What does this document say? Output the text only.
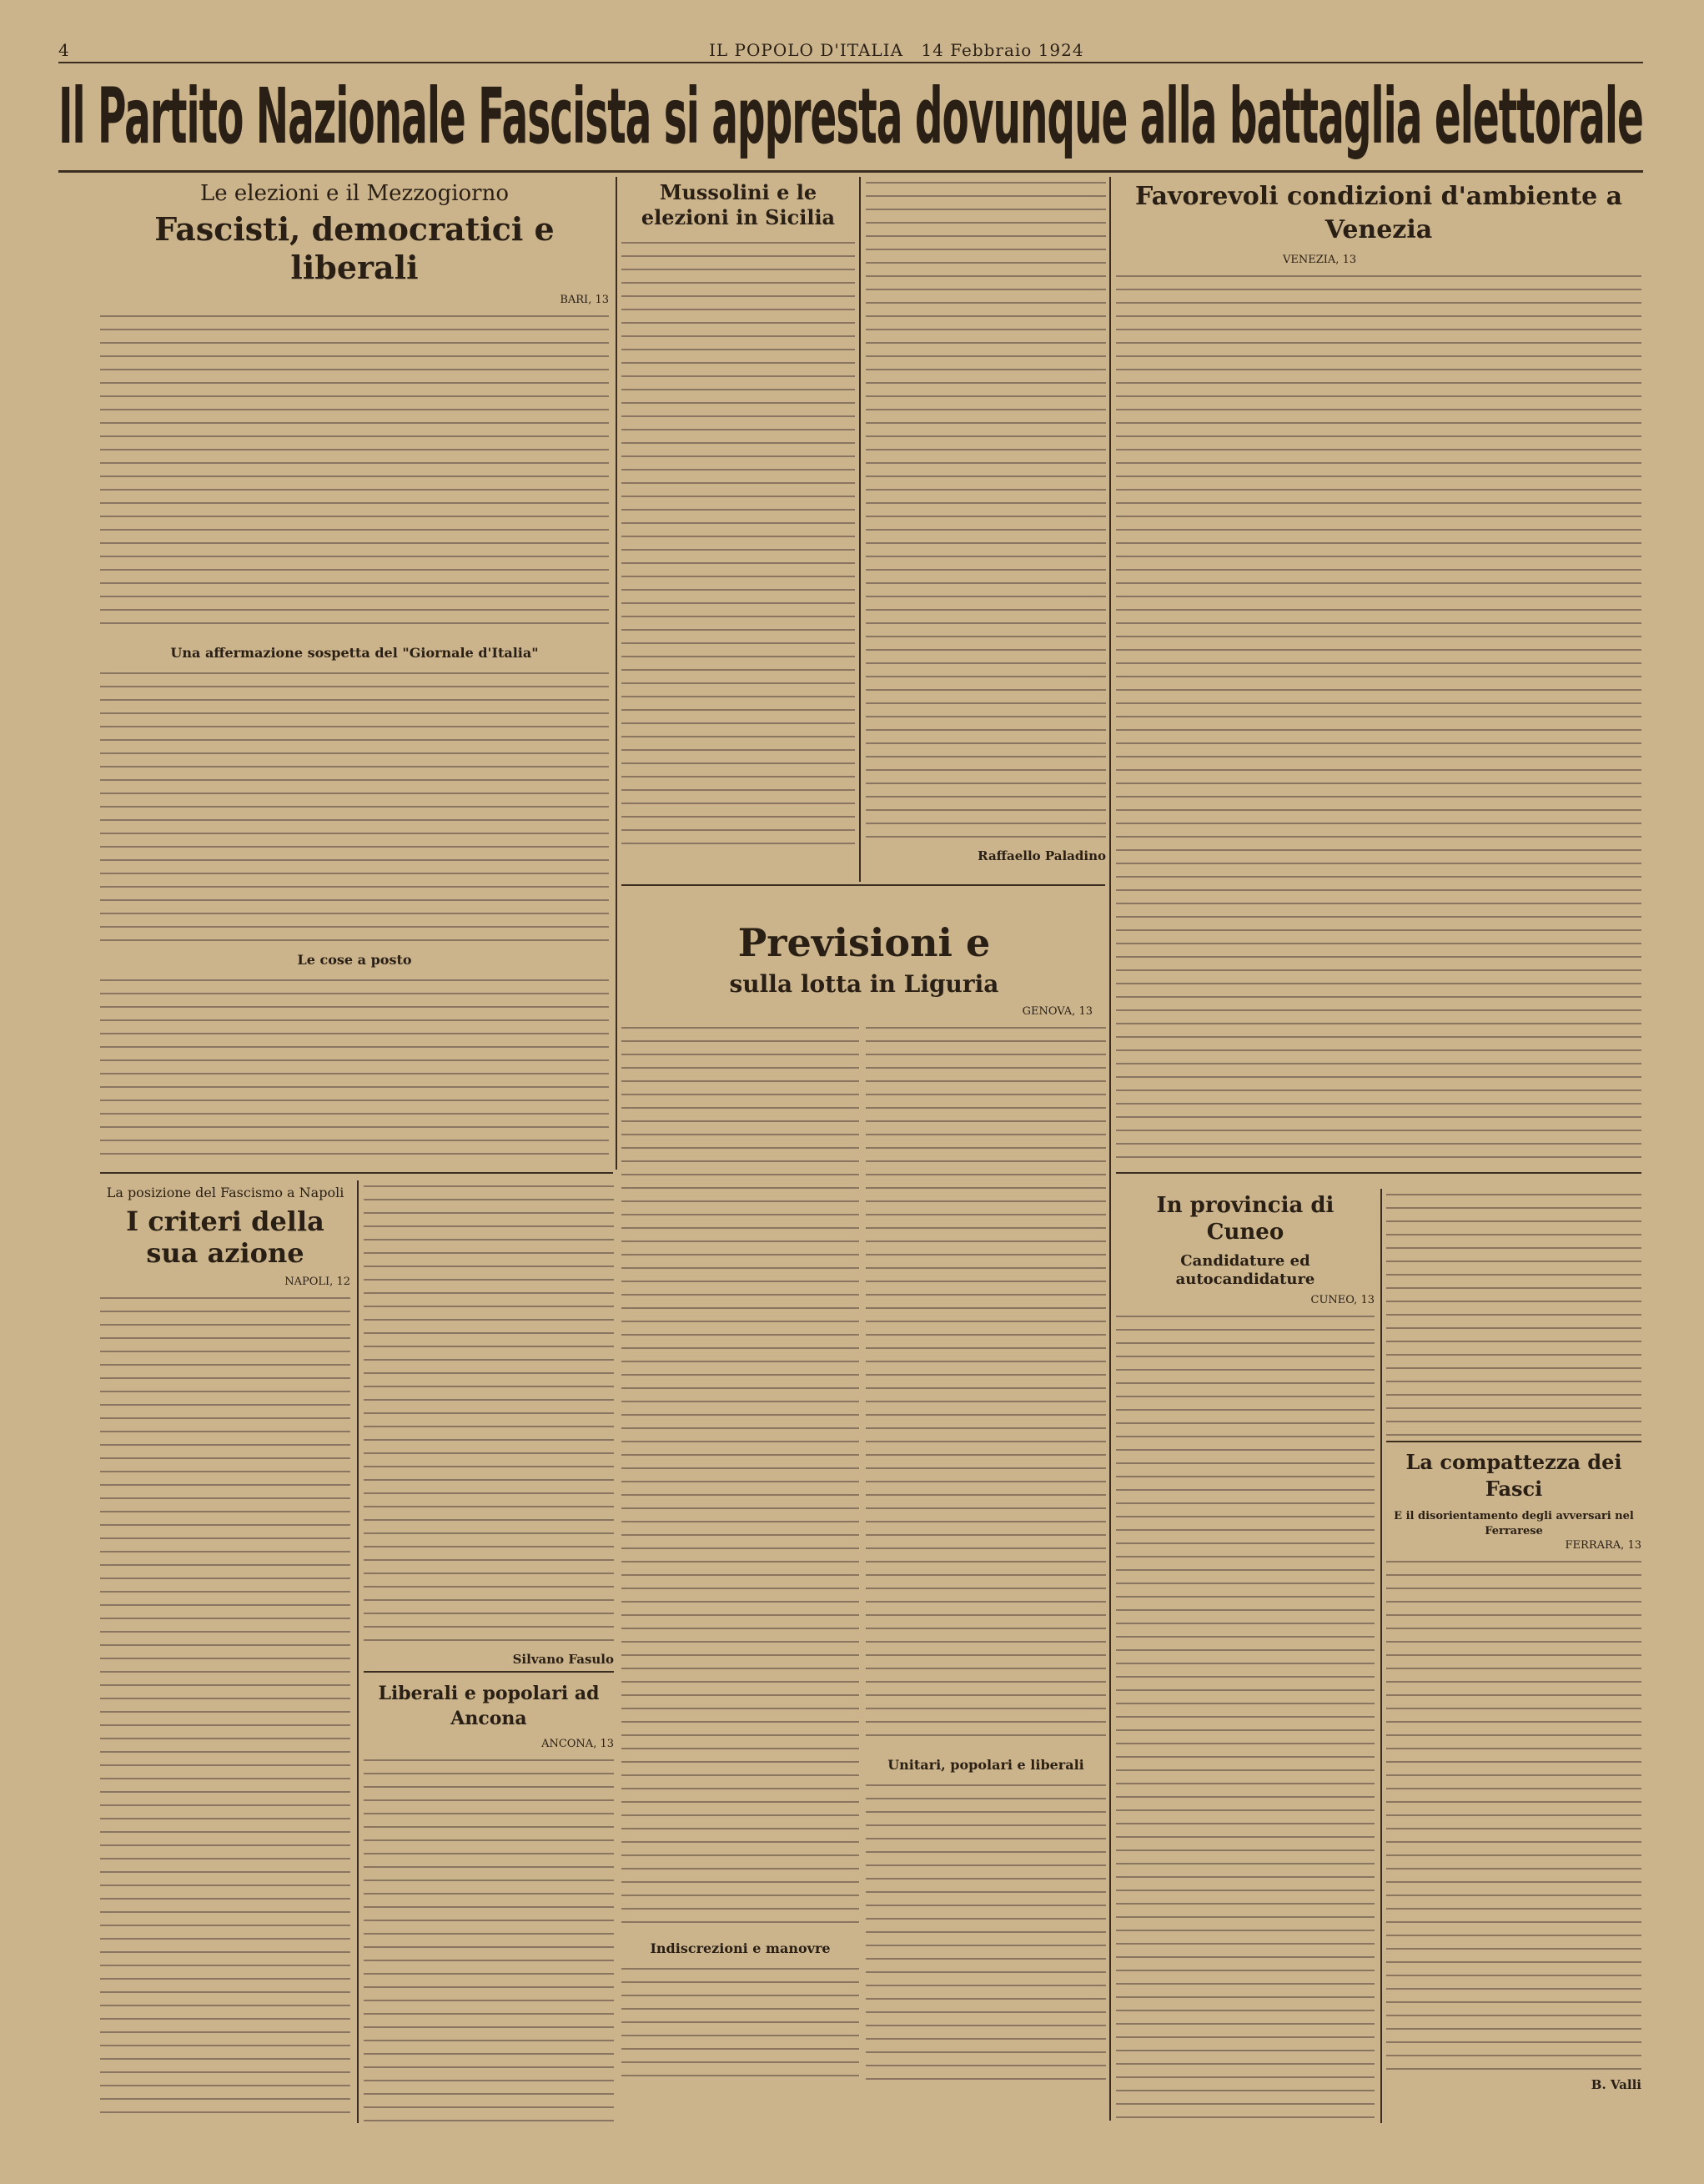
4	IL POPOLO D'ITALIA 14 Febbraio 1924
Il Partito Nazionale Fascista si appresta dovunque alla battaglia elettorale
Le elezioni e il Mezzogiorno
Fascisti, democratici e liberali
BARI, 13
Una affermazione sospetta del "Giornale d'Italia"
Le cose a posto
Mussolini e le elezioni in Sicilia
Raffaello Paladino
Favorevoli condizioni d'ambiente a Venezia
VENEZIA, 13
Previsioni e
sulla lotta in Liguria
GENOVA, 13
Indiscrezioni e manovre
Unitari, popolari e liberali
La posizione del Fascismo a Napoli
I criteri della sua azione
NAPOLI, 12
Silvano Fasulo
Liberali e popolari ad Ancona
ANCONA, 13
In provincia di Cuneo
Candidature ed autocandidature
CUNEO, 13
La compattezza dei Fasci
E il disorientamento degli avversari nel Ferrarese
FERRARA, 13
B. Valli
